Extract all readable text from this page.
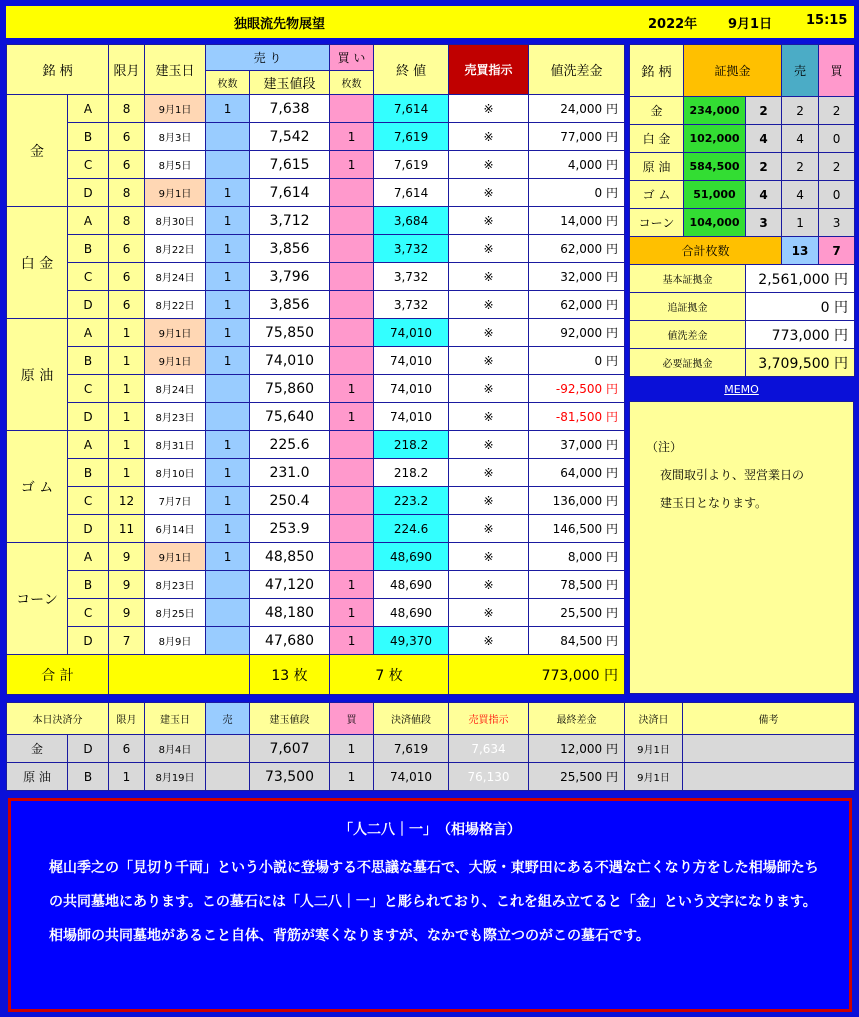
独眼流先物展望	2022年 9月1日	15:15
銘 柄		限月	建玉日	売 り		買 い	終 値	売買指示	値洗差金
				枚数	建玉値段	枚数			
金	A	8	9月1日	1	7,638		7,614	※	24,000 円
	B	6	8月3日		7,542	1	7,619	※	77,000 円
	C	6	8月5日		7,615	1	7,619	※	4,000 円
	D	8	9月1日	1	7,614		7,614	※	0 円
白 金	A	8	8月30日	1	3,712		3,684	※	14,000 円
	B	6	8月22日	1	3,856		3,732	※	62,000 円
	C	6	8月24日	1	3,796		3,732	※	32,000 円
	D	6	8月22日	1	3,856		3,732	※	62,000 円
原 油	A	1	9月1日	1	75,850		74,010	※	92,000 円
	B	1	9月1日	1	74,010		74,010	※	0 円
	C	1	8月24日		75,860	1	74,010	※	-92,500 円
	D	1	8月23日		75,640	1	74,010	※	-81,500 円
ゴ ム	A	1	8月31日	1	225.6		218.2	※	37,000 円
	B	1	8月10日	1	231.0		218.2	※	64,000 円
	C	12	7月7日	1	250.4		223.2	※	136,000 円
	D	11	6月14日	1	253.9		224.6	※	146,500 円
コーン	A	9	9月1日	1	48,850		48,690	※	8,000 円
	B	9	8月23日		47,120	1	48,690	※	78,500 円
	C	9	8月25日		48,180	1	48,690	※	25,500 円
	D	7	8月9日		47,680	1	49,370	※	84,500 円
合 計					13 枚	7 枚		773,000 円	
銘 柄	証拠金		売	買
金	234,000	2	2	2
白 金	102,000	4	4	0
原 油	584,500	2	2	2
ゴ ム	51,000	4	4	0
コーン	104,000	3	1	3
合計枚数			13	7
基本証拠金		2,561,000 円		
追証拠金		0 円		
値洗差金		773,000 円		
必要証拠金		3,709,500 円		
MEMO

（注）

夜間取引より、翌営業日の

建玉日となります。

本日決済分		限月	建玉日	売	建玉値段	買	決済値段	売買指示	最終差金	決済日	備考
金	D	6	8月4日		7,607	1	7,619	7,634	12,000 円	9月1日	
原 油	B	1	8月19日		73,500	1	74,010	76,130	25,500 円	9月1日	
「人二八｜一」　（相場格言）
梶山季之の「見切り千両」という小説に登場する不思議な墓石で、大阪・東野田にある不遇な亡くなり方をした相場師たちの共同墓地にあります。この墓石には「人二八｜一」と彫られており、これを組み立てると「金」という文字になります。相場師の共同墓地があること自体、背筋が寒くなりますが、なかでも際立つのがこの墓石です。
